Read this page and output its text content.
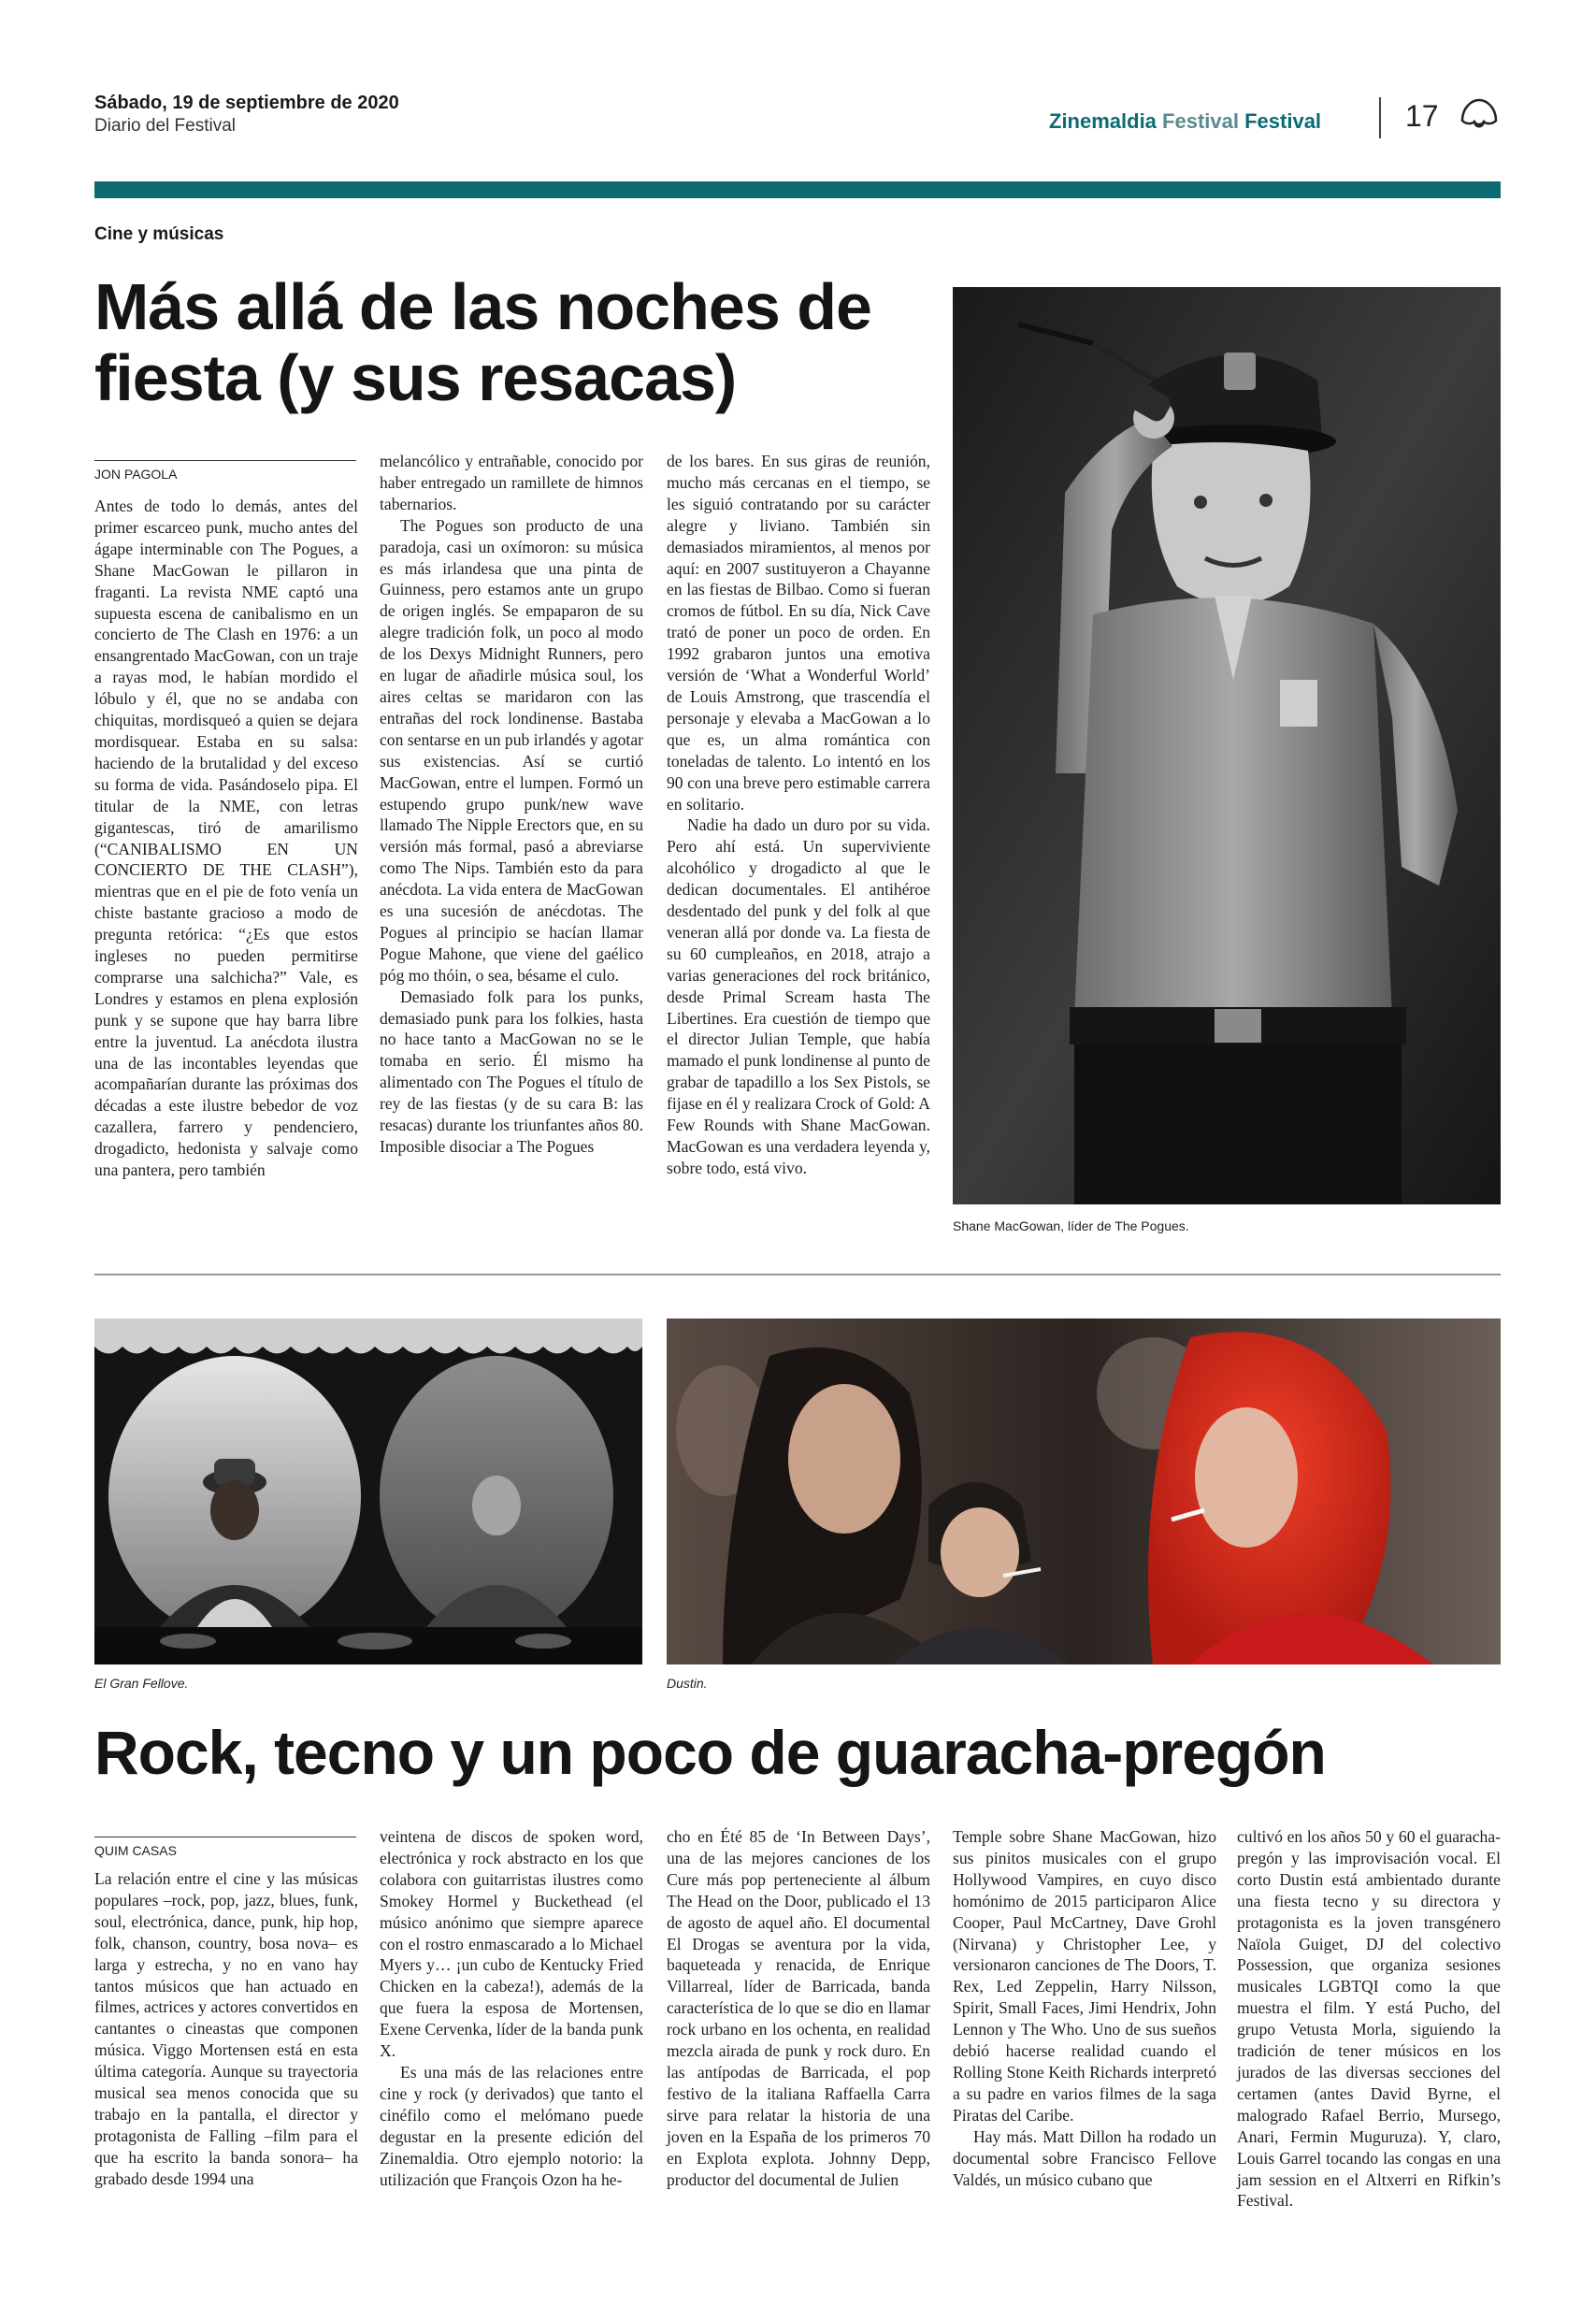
Sábado, 19 de septiembre de 2020
Diario del Festival	Zinemaldia Festival Festival	17
Cine y músicas
Más allá de las noches de fiesta (y sus resacas)
JON PAGOLA

Antes de todo lo demás, antes del primer escarceo punk, mucho antes del ágape interminable con The Pogues, a Shane MacGowan le pillaron in fraganti. La revista NME captó una supuesta escena de canibalismo en un concierto de The Clash en 1976: a un ensangrentado MacGowan, con un traje a rayas mod, le habían mordido el lóbulo y él, que no se andaba con chiquitas, mordisqueó a quien se dejara mordisquear. Estaba en su salsa: haciendo de la brutalidad y del exceso su forma de vida. Pasándoselo pipa. El titular de la NME, con letras gigantescas, tiró de amarilismo (“CANIBALISMO EN UN CONCIERTO DE THE CLASH”), mientras que en el pie de foto venía un chiste bastante gracioso a modo de pregunta retórica: “¿Es que estos ingleses no pueden permitirse comprarse una salchicha?” Vale, es Londres y estamos en plena explosión punk y se supone que hay barra libre entre la juventud. La anécdota ilustra una de las incontables leyendas que acompañarían durante las próximas dos décadas a este ilustre bebedor de voz cazallera, farrero y pendenciero, drogadicto, hedonista y salvaje como una pantera, pero también

melancólico y entrañable, conocido por haber entregado un ramillete de himnos tabernarios.

The Pogues son producto de una paradoja, casi un oxímoron: su música es más irlandesa que una pinta de Guinness, pero estamos ante un grupo de origen inglés. Se empaparon de su alegre tradición folk, un poco al modo de los Dexys Midnight Runners, pero en lugar de añadirle música soul, los aires celtas se maridaron con las entrañas del rock londinense. Bastaba con sentarse en un pub irlandés y agotar sus existencias. Así se curtió MacGowan, entre el lumpen. Formó un estupendo grupo punk/new wave llamado The Nipple Erectors que, en su versión más formal, pasó a abreviarse como The Nips. También esto da para anécdota. La vida entera de MacGowan es una sucesión de anécdotas. The Pogues al principio se hacían llamar Pogue Mahone, que viene del gaélico póg mo thóin, o sea, bésame el culo.

Demasiado folk para los punks, demasiado punk para los folkies, hasta no hace tanto a MacGowan no se le tomaba en serio. Él mismo ha alimentado con The Pogues el título de rey de las fiestas (y de su cara B: las resacas) durante los triunfantes años 80. Imposible disociar a The Pogues

de los bares. En sus giras de reunión, mucho más cercanas en el tiempo, se les siguió contratando por su carácter alegre y liviano. También sin demasiados miramientos, al menos por aquí: en 2007 sustituyeron a Chayanne en las fiestas de Bilbao. Como si fueran cromos de fútbol. En su día, Nick Cave trató de poner un poco de orden. En 1992 grabaron juntos una emotiva versión de ‘What a Wonderful World’ de Louis Amstrong, que trascendía el personaje y elevaba a MacGowan a lo que es, un alma romántica con toneladas de talento. Lo intentó en los 90 con una breve pero estimable carrera en solitario.

Nadie ha dado un duro por su vida. Pero ahí está. Un superviviente alcohólico y drogadicto al que le dedican documentales. El antihéroe desdentado del punk y del folk al que veneran allá por donde va. La fiesta de su 60 cumpleaños, en 2018, atrajo a varias generaciones del rock británico, desde Primal Scream hasta The Libertines. Era cuestión de tiempo que el director Julian Temple, que había mamado el punk londinense al punto de grabar de tapadillo a los Sex Pistols, se fijase en él y realizara Crock of Gold: A Few Rounds with Shane MacGowan. MacGowan es una verdadera leyenda y, sobre todo, está vivo.

Shane MacGowan, líder de The Pogues.
El Gran Fellove.	Dustin.
Rock, tecno y un poco de guaracha-pregón
QUIM CASAS

La relación entre el cine y las músicas populares –rock, pop, jazz, blues, funk, soul, electrónica, dance, punk, hip hop, folk, chanson, country, bosa nova– es larga y estrecha, y no en vano hay tantos músicos que han actuado en filmes, actrices y actores convertidos en cantantes o cineastas que componen música. Viggo Mortensen está en esta última categoría. Aunque su trayectoria musical sea menos conocida que su trabajo en la pantalla, el director y protagonista de Falling –film para el que ha escrito la banda sonora– ha grabado desde 1994 una

veintena de discos de spoken word, electrónica y rock abstracto en los que colabora con guitarristas ilustres como Smokey Hormel y Buckethead (el músico anónimo que siempre aparece con el rostro enmascarado a lo Michael Myers y… ¡un cubo de Kentucky Fried Chicken en la cabeza!), además de la que fuera la esposa de Mortensen, Exene Cervenka, líder de la banda punk X.

Es una más de las relaciones entre cine y rock (y derivados) que tanto el cinéfilo como el melómano puede degustar en la presente edición del Zinemaldia. Otro ejemplo notorio: la utilización que François Ozon ha he-

cho en Été 85 de ‘In Between Days’, una de las mejores canciones de los Cure más pop perteneciente al álbum The Head on the Door, publicado el 13 de agosto de aquel año. El documental El Drogas se aventura por la vida, baqueteada y renacida, de Enrique Villarreal, líder de Barricada, banda característica de lo que se dio en llamar rock urbano en los ochenta, en realidad mezcla airada de punk y rock duro. En las antípodas de Barricada, el pop festivo de la italiana Raffaella Carra sirve para relatar la historia de una joven en la España de los primeros 70 en Explota explota. Johnny Depp, productor del documental de Julien

Temple sobre Shane MacGowan, hizo sus pinitos musicales con el grupo Hollywood Vampires, en cuyo disco homónimo de 2015 participaron Alice Cooper, Paul McCartney, Dave Grohl (Nirvana) y Christopher Lee, y versionaron canciones de The Doors, T. Rex, Led Zeppelin, Harry Nilsson, Spirit, Small Faces, Jimi Hendrix, John Lennon y The Who. Uno de sus sueños debió hacerse realidad cuando el Rolling Stone Keith Richards interpretó a su padre en varios filmes de la saga Piratas del Caribe.

Hay más. Matt Dillon ha rodado un documental sobre Francisco Fellove Valdés, un músico cubano que

cultivó en los años 50 y 60 el guaracha-pregón y las improvisación vocal. El corto Dustin está ambientado durante una fiesta tecno y su directora y protagonista es la joven transgénero Naïola Guiget, DJ del colectivo Possession, que organiza sesiones musicales LGBTQI como la que muestra el film. Y está Pucho, del grupo Vetusta Morla, siguiendo la tradición de tener músicos en los jurados de las diversas secciones del certamen (antes David Byrne, el malogrado Rafael Berrio, Mursego, Anari, Fermin Muguruza). Y, claro, Louis Garrel tocando las congas en una jam session en el Altxerri en Rifkin’s Festival.
